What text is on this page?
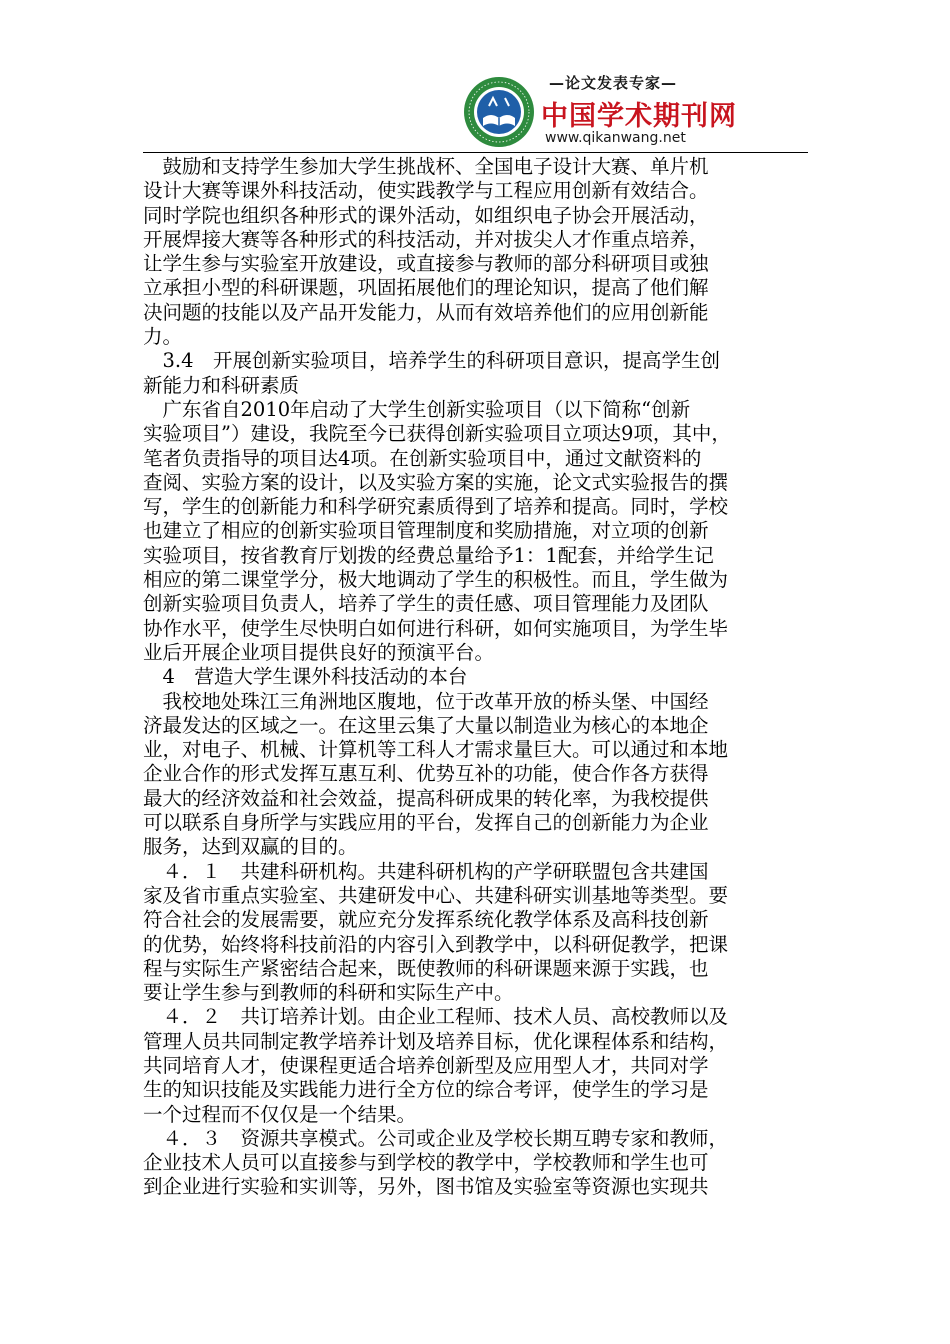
—论文发表专家—
中国学术期刊网
www.qikanwang.net
　鼓励和支持学生参加大学生挑战杯、全国电子设计大赛、单片机
设计大赛等课外科技活动，使实践教学与工程应用创新有效结合。
同时学院也组织各种形式的课外活动，如组织电子协会开展活动，
开展焊接大赛等各种形式的科技活动，并对拔尖人才作重点培养，
让学生参与实验室开放建设，或直接参与教师的部分科研项目或独
立承担小型的科研课题，巩固拓展他们的理论知识，提高了他们解
决问题的技能以及产品开发能力，从而有效培养他们的应用创新能
力。
　3.4　开展创新实验项目，培养学生的科研项目意识，提高学生创
新能力和科研素质
　广东省自2010年启动了大学生创新实验项目（以下简称“创新
实验项目”）建设，我院至今已获得创新实验项目立项达9项，其中，
笔者负责指导的项目达4项。在创新实验项目中，通过文献资料的
查阅、实验方案的设计，以及实验方案的实施，论文式实验报告的撰
写，学生的创新能力和科学研究素质得到了培养和提高。同时，学校
也建立了相应的创新实验项目管理制度和奖励措施，对立项的创新
实验项目，按省教育厅划拨的经费总量给予1：1配套，并给学生记
相应的第二课堂学分，极大地调动了学生的积极性。而且，学生做为
创新实验项目负责人，培养了学生的责任感、项目管理能力及团队
协作水平，使学生尽快明白如何进行科研，如何实施项目，为学生毕
业后开展企业项目提供良好的预演平台。
　4　营造大学生课外科技活动的本台
　我校地处珠江三角洲地区腹地，位于改革开放的桥头堡、中国经
济最发达的区域之一。在这里云集了大量以制造业为核心的本地企
业，对电子、机械、计算机等工科人才需求量巨大。可以通过和本地
企业合作的形式发挥互惠互利、优势互补的功能，使合作各方获得
最大的经济效益和社会效益，提高科研成果的转化率，为我校提供
可以联系自身所学与实践应用的平台，发挥自己的创新能力为企业
服务，达到双赢的目的。
　４．１　共建科研机构。共建科研机构的产学研联盟包含共建国
家及省市重点实验室、共建研发中心、共建科研实训基地等类型。要
符合社会的发展需要，就应充分发挥系统化教学体系及高科技创新
的优势，始终将科技前沿的内容引入到教学中，以科研促教学，把课
程与实际生产紧密结合起来，既使教师的科研课题来源于实践，也
要让学生参与到教师的科研和实际生产中。
　４．２　共订培养计划。由企业工程师、技术人员、高校教师以及
管理人员共同制定教学培养计划及培养目标，优化课程体系和结构，
共同培育人才，使课程更适合培养创新型及应用型人才，共同对学
生的知识技能及实践能力进行全方位的综合考评，使学生的学习是
一个过程而不仅仅是一个结果。
　４．３　资源共享模式。公司或企业及学校长期互聘专家和教师，
企业技术人员可以直接参与到学校的教学中，学校教师和学生也可
到企业进行实验和实训等，另外，图书馆及实验室等资源也实现共
